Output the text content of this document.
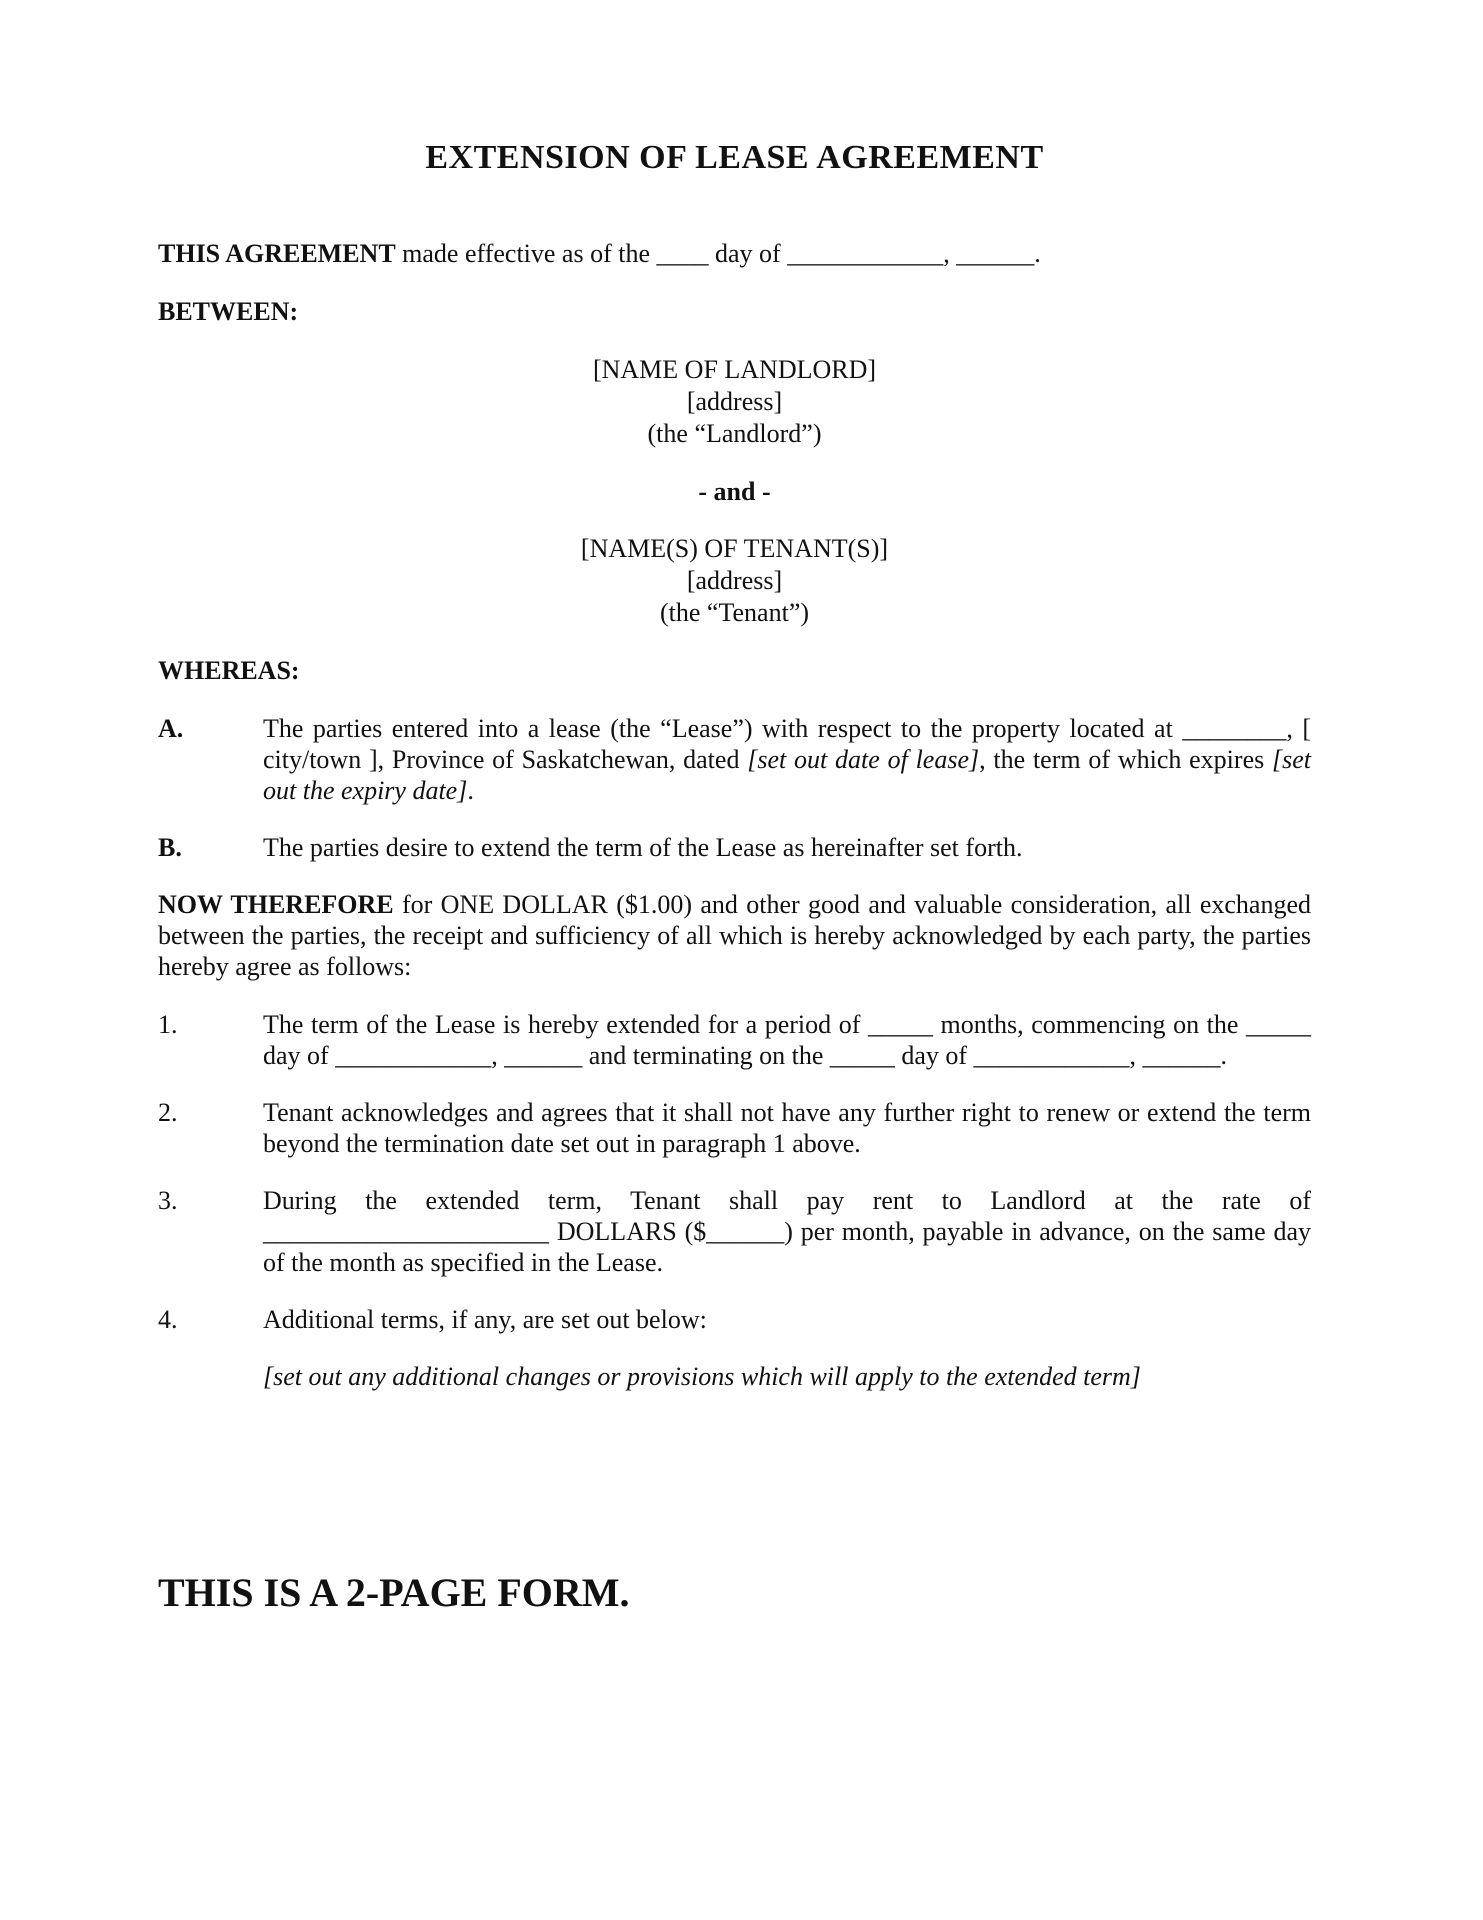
EXTENSION OF LEASE AGREEMENT

THIS AGREEMENT made effective as of the ____ day of ____________, ______.

BETWEEN:

[NAME OF LANDLORD]
[address]
(the “Landlord”)
- and -
[NAME(S) OF TENANT(S)]
[address]
(the “Tenant”)

WHEREAS:

A.	The parties entered into a lease (the “Lease”) with respect to the property located at ________, [ city/town ], Province of Saskatchewan, dated [set out date of lease], the term of which expires [set out the expiry date].
B.	The parties desire to extend the term of the Lease as hereinafter set forth.

NOW THEREFORE for ONE DOLLAR ($1.00) and other good and valuable consideration, all exchanged between the parties, the receipt and sufficiency of all which is hereby acknowledged by each party, the parties hereby agree as follows:

1.	The term of the Lease is hereby extended for a period of _____ months, commencing on the _____ day of ____________, ______ and terminating on the _____ day of ____________, ______.
2.	Tenant acknowledges and agrees that it shall not have any further right to renew or extend the term beyond the termination date set out in paragraph 1 above.
3.	During the extended term, Tenant shall pay rent to Landlord at the rate of ______________________ DOLLARS ($______) per month, payable in advance, on the same day of the month as specified in the Lease.
4.	Additional terms, if any, are set out below:
[set out any additional changes or provisions which will apply to the extended term]

THIS IS A 2-PAGE FORM.
